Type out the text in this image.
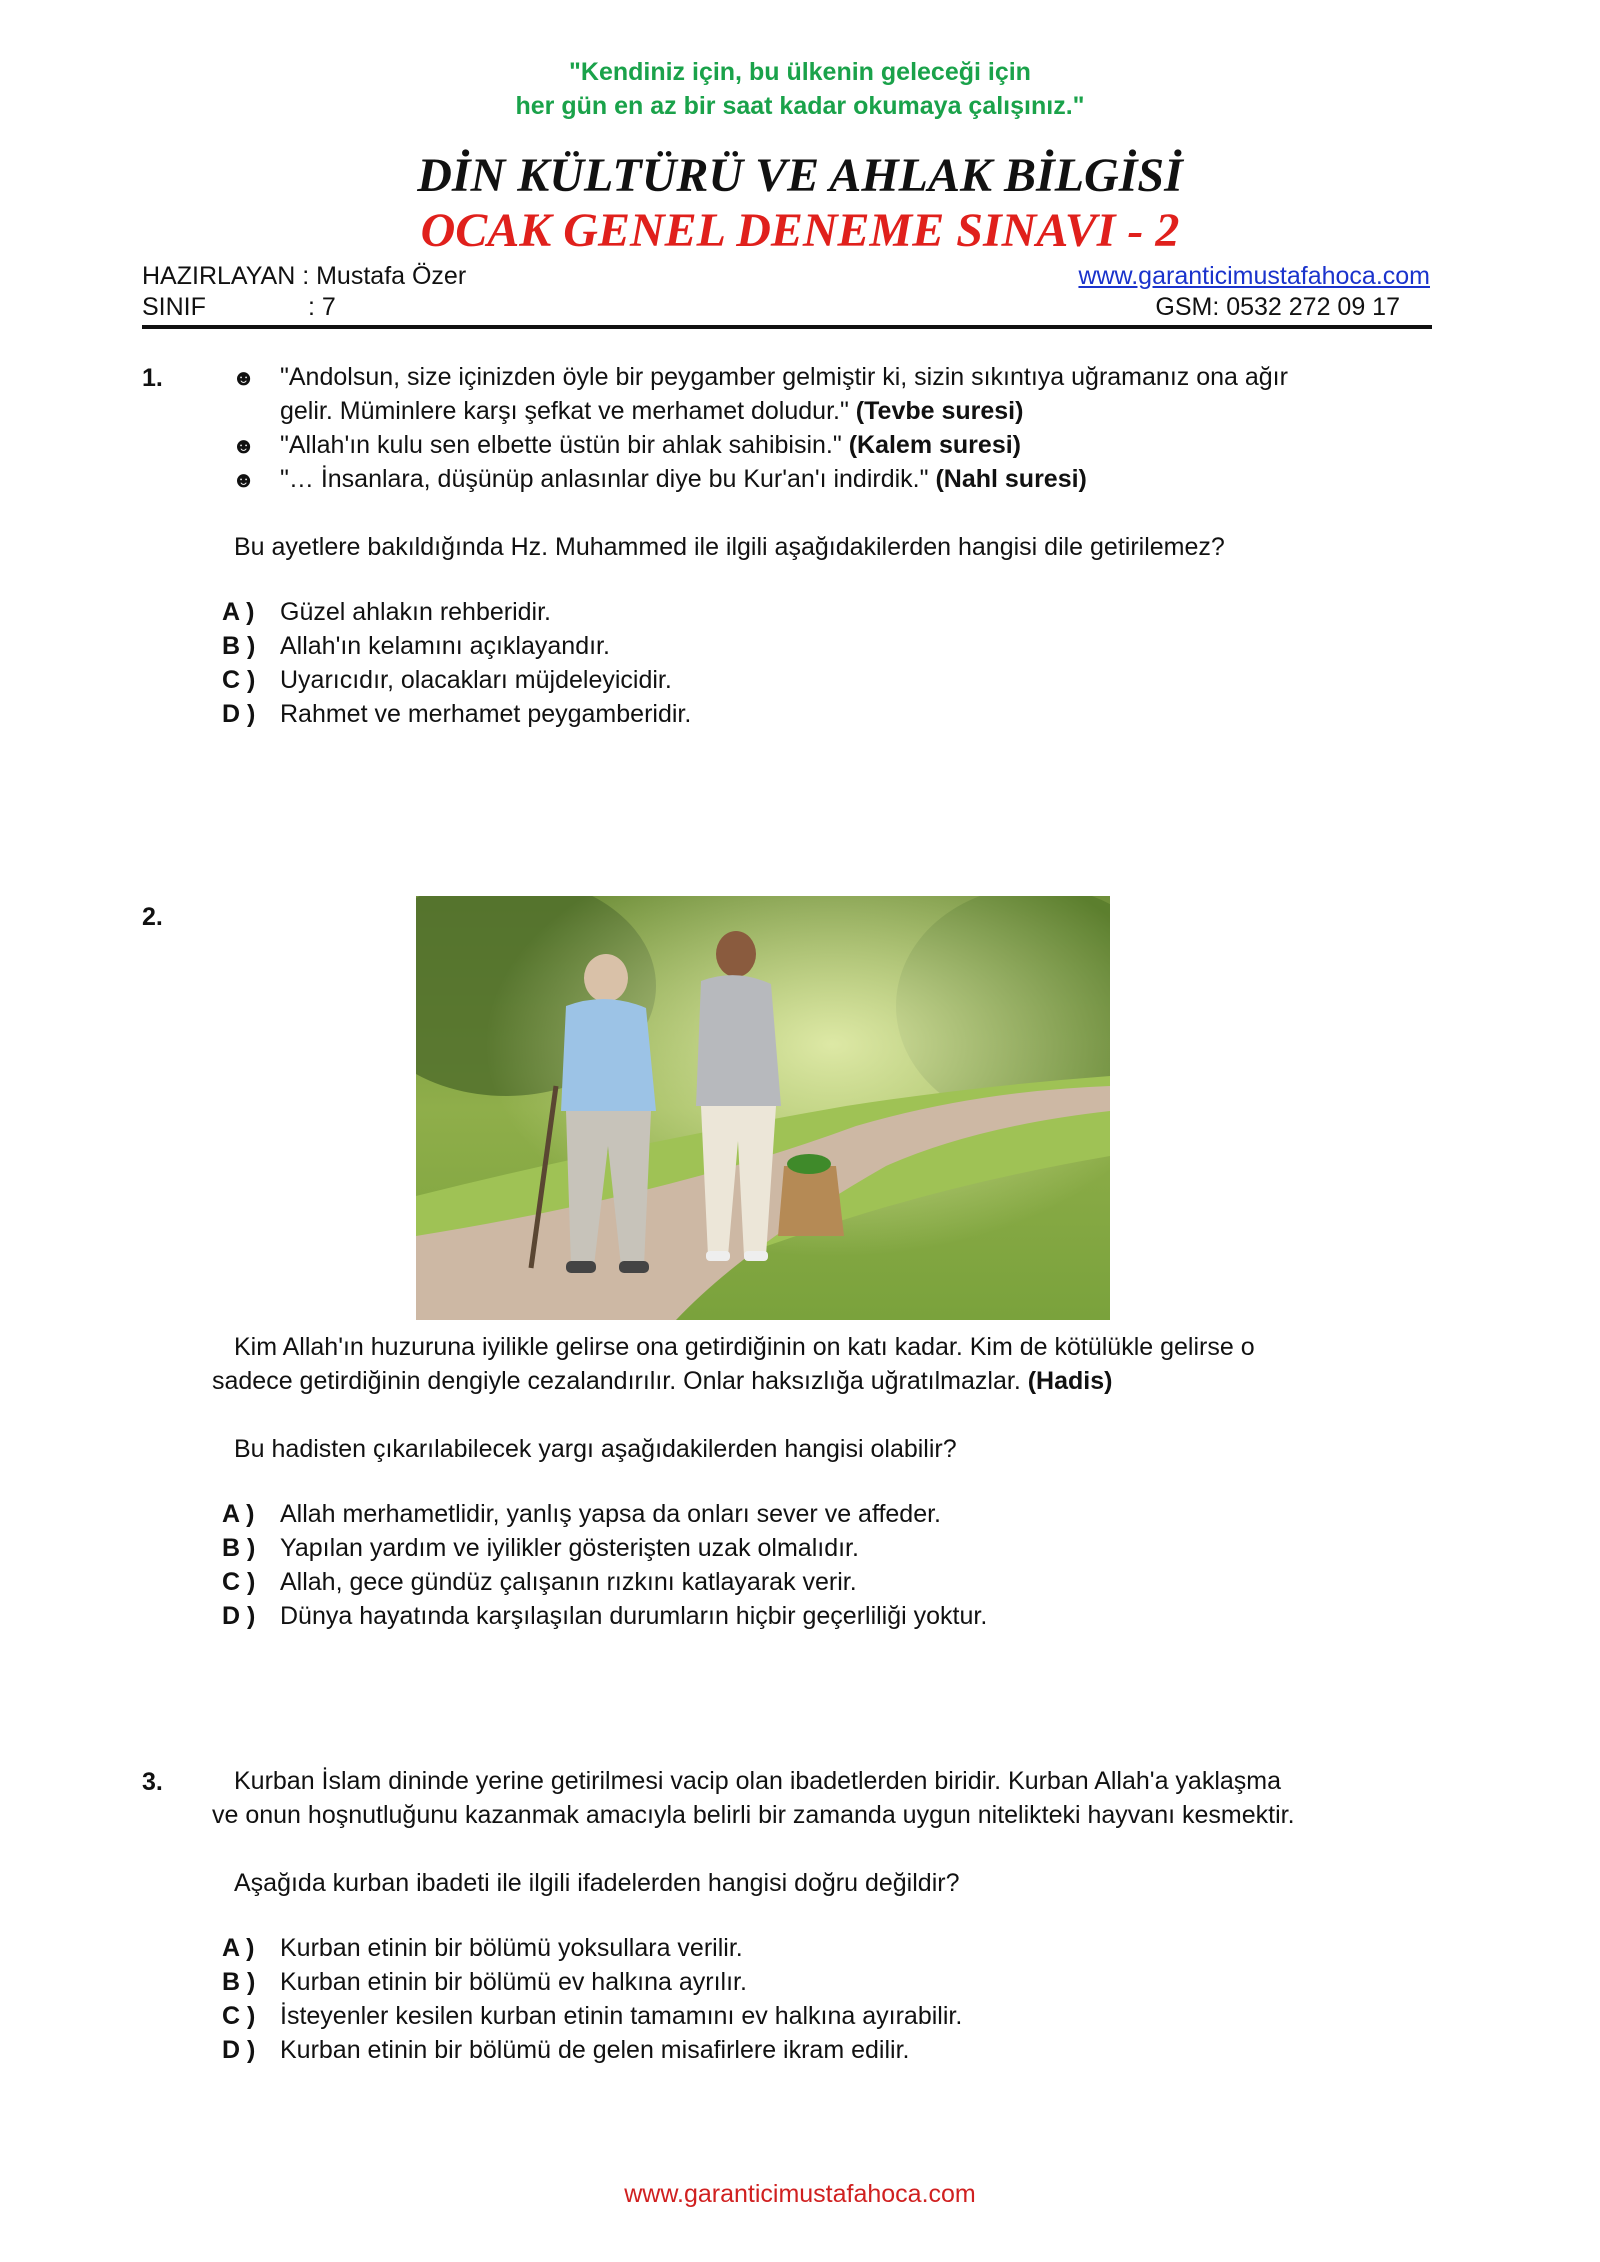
"Kendiniz için, bu ülkenin geleceği için
her gün en az bir saat kadar okumaya çalışınız."
DİN KÜLTÜRÜ VE AHLAK BİLGİSİ
OCAK GENEL DENEME SINAVI - 2
HAZIRLAYAN : Mustafa Özer	www.garanticimustafahoca.com
SINIF	: 7	GSM: 0532 272 09 17
1.	☻ "Andolsun, size içinizden öyle bir peygamber gelmiştir ki, sizin sıkıntıya uğramanız ona ağır
gelir. Müminlere karşı şefkat ve merhamet doludur." (Tevbe suresi)
☻ "Allah'ın kulu sen elbette üstün bir ahlak sahibisin." (Kalem suresi)
☻ "… İnsanlara, düşünüp anlasınlar diye bu Kur'an'ı indirdik." (Nahl suresi)
Bu ayetlere bakıldığında Hz. Muhammed ile ilgili aşağıdakilerden hangisi dile getirilemez?
A ) Güzel ahlakın rehberidir.
B ) Allah'ın kelamını açıklayandır.
C ) Uyarıcıdır, olacakları müjdeleyicidir.
D ) Rahmet ve merhamet peygamberidir.
2.
Kim Allah'ın huzuruna iyilikle gelirse ona getirdiğinin on katı kadar. Kim de kötülükle gelirse o
sadece getirdiğinin dengiyle cezalandırılır. Onlar haksızlığa uğratılmazlar. (Hadis)
Bu hadisten çıkarılabilecek yargı aşağıdakilerden hangisi olabilir?
A ) Allah merhametlidir, yanlış yapsa da onları sever ve affeder.
B ) Yapılan yardım ve iyilikler gösterişten uzak olmalıdır.
C ) Allah, gece gündüz çalışanın rızkını katlayarak verir.
D ) Dünya hayatında karşılaşılan durumların hiçbir geçerliliği yoktur.
3.	Kurban İslam dininde yerine getirilmesi vacip olan ibadetlerden biridir. Kurban Allah'a yaklaşma
ve onun hoşnutluğunu kazanmak amacıyla belirli bir zamanda uygun nitelikteki hayvanı kesmektir.
Aşağıda kurban ibadeti ile ilgili ifadelerden hangisi doğru değildir?
A ) Kurban etinin bir bölümü yoksullara verilir.
B ) Kurban etinin bir bölümü ev halkına ayrılır.
C ) İsteyenler kesilen kurban etinin tamamını ev halkına ayırabilir.
D ) Kurban etinin bir bölümü de gelen misafirlere ikram edilir.
www.garanticimustafahoca.com
